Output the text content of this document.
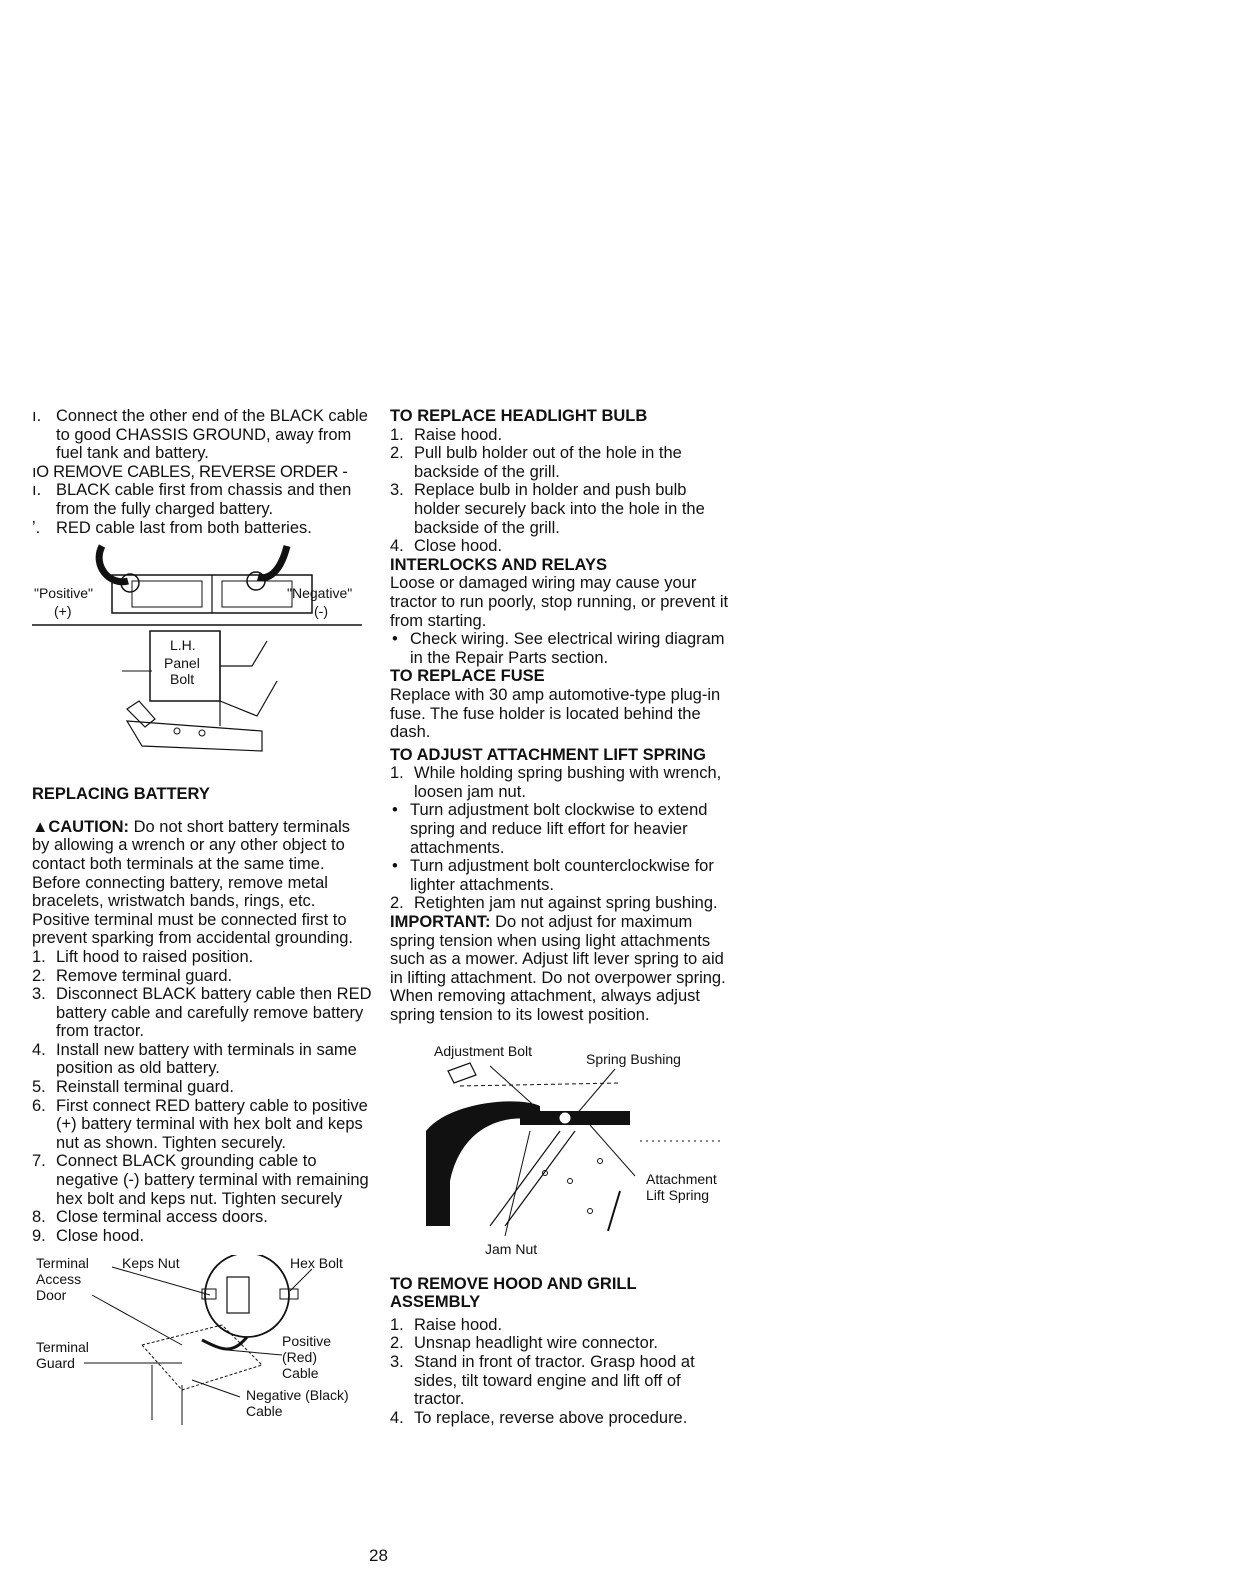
ı. Connect the other end of the BLACK cable to good CHASSIS GROUND, away from fuel tank and battery.

ıO REMOVE CABLES, REVERSE ORDER -

ı. BLACK cable first from chassis and then from the fully charged battery.
ʼ. RED cable last from both batteries.
"Positive"
(+)
"Negative"
(-)
L.H.
Panel
Bolt

REPLACING BATTERY

▲CAUTION: Do not short battery terminals by allowing a wrench or any other object to contact both terminals at the same time. Before connecting battery, remove metal bracelets, wristwatch bands, rings, etc.

Positive terminal must be connected first to prevent sparking from accidental grounding.

1. Lift hood to raised position.
2. Remove terminal guard.
3. Disconnect BLACK battery cable then RED battery cable and carefully remove battery from tractor.
4. Install new battery with terminals in same position as old battery.
5. Reinstall terminal guard.
6. First connect RED battery cable to positive (+) battery terminal with hex bolt and keps nut as shown. Tighten securely.
7. Connect BLACK grounding cable to negative (-) battery terminal with remaining hex bolt and keps nut. Tighten securely
8. Close terminal access doors.
9. Close hood.
Terminal
Access
Door
Keps Nut	Hex Bolt
Positive
(Red)
Cable
Terminal
Guard
Negative (Black)
Cable

TO REPLACE HEADLIGHT BULB

1. Raise hood.
2. Pull bulb holder out of the hole in the backside of the grill.
3. Replace bulb in holder and push bulb holder securely back into the hole in the backside of the grill.
4. Close hood.

INTERLOCKS AND RELAYS

Loose or damaged wiring may cause your tractor to run poorly, stop running, or prevent it from starting.

• Check wiring. See electrical wiring diagram in the Repair Parts section.

TO REPLACE FUSE

Replace with 30 amp automotive-type plug-in fuse. The fuse holder is located behind the dash.

TO ADJUST ATTACHMENT LIFT SPRING

1. While holding spring bushing with wrench, loosen jam nut.
• Turn adjustment bolt clockwise to extend spring and reduce lift effort for heavier attachments.
• Turn adjustment bolt counterclockwise for lighter attachments.
2. Retighten jam nut against spring bushing.

IMPORTANT: Do not adjust for maximum spring tension when using light attachments such as a mower. Adjust lift lever spring to aid in lifting attachment. Do not overpower spring. When removing attachment, always adjust spring tension to its lowest position.

Adjustment Bolt	Spring Bushing
Attachment
Lift Spring
Jam Nut

TO REMOVE HOOD AND GRILL ASSEMBLY

1. Raise hood.
2. Unsnap headlight wire connector.
3. Stand in front of tractor. Grasp hood at sides, tilt toward engine and lift off of tractor.
4. To replace, reverse above procedure.
28
